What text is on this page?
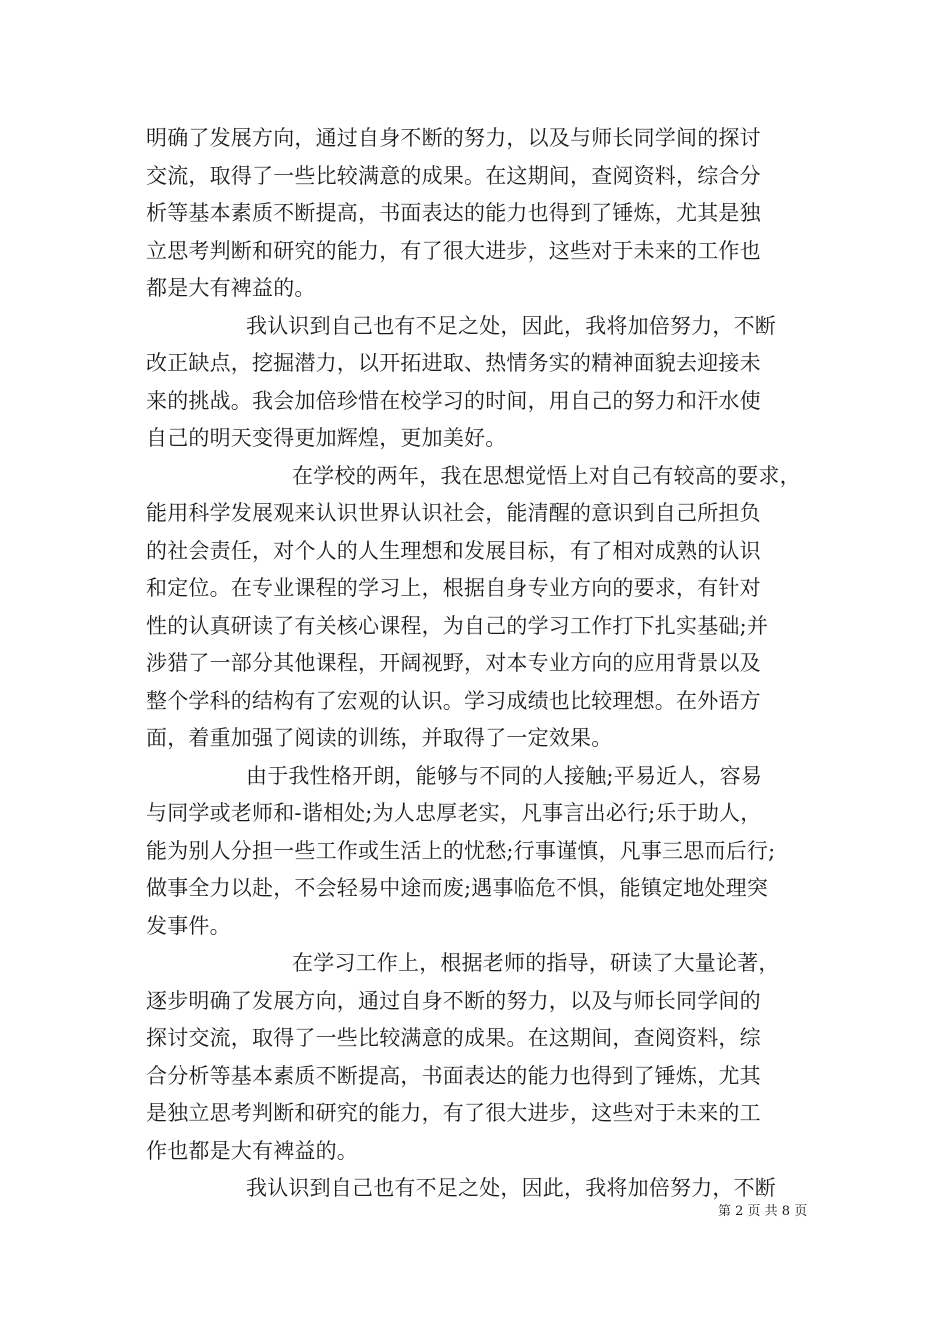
明确了发展方向，通过自身不断的努力，以及与师长同学间的探讨
交流，取得了一些比较满意的成果。在这期间，查阅资料，综合分
析等基本素质不断提高，书面表达的能力也得到了锤炼，尤其是独
立思考判断和研究的能力，有了很大进步，这些对于未来的工作也
都是大有裨益的。
我认识到自己也有不足之处，因此，我将加倍努力，不断
改正缺点，挖掘潜力，以开拓进取、热情务实的精神面貌去迎接未
来的挑战。我会加倍珍惜在校学习的时间，用自己的努力和汗水使
自己的明天变得更加辉煌，更加美好。
在学校的两年，我在思想觉悟上对自己有较高的要求，
能用科学发展观来认识世界认识社会，能清醒的意识到自己所担负
的社会责任，对个人的人生理想和发展目标，有了相对成熟的认识
和定位。在专业课程的学习上，根据自身专业方向的要求，有针对
性的认真研读了有关核心课程，为自己的学习工作打下扎实基础;并
涉猎了一部分其他课程，开阔视野，对本专业方向的应用背景以及
整个学科的结构有了宏观的认识。学习成绩也比较理想。在外语方
面，着重加强了阅读的训练，并取得了一定效果。
由于我性格开朗，能够与不同的人接触;平易近人，容易
与同学或老师和-谐相处;为人忠厚老实，凡事言出必行;乐于助人，
能为别人分担一些工作或生活上的忧愁;行事谨慎，凡事三思而后行;
做事全力以赴，不会轻易中途而废;遇事临危不惧，能镇定地处理突
发事件。
在学习工作上，根据老师的指导，研读了大量论著，
逐步明确了发展方向，通过自身不断的努力，以及与师长同学间的
探讨交流，取得了一些比较满意的成果。在这期间，查阅资料，综
合分析等基本素质不断提高，书面表达的能力也得到了锤炼，尤其
是独立思考判断和研究的能力，有了很大进步，这些对于未来的工
作也都是大有裨益的。
我认识到自己也有不足之处，因此，我将加倍努力，不断
第 2 页 共 8 页
